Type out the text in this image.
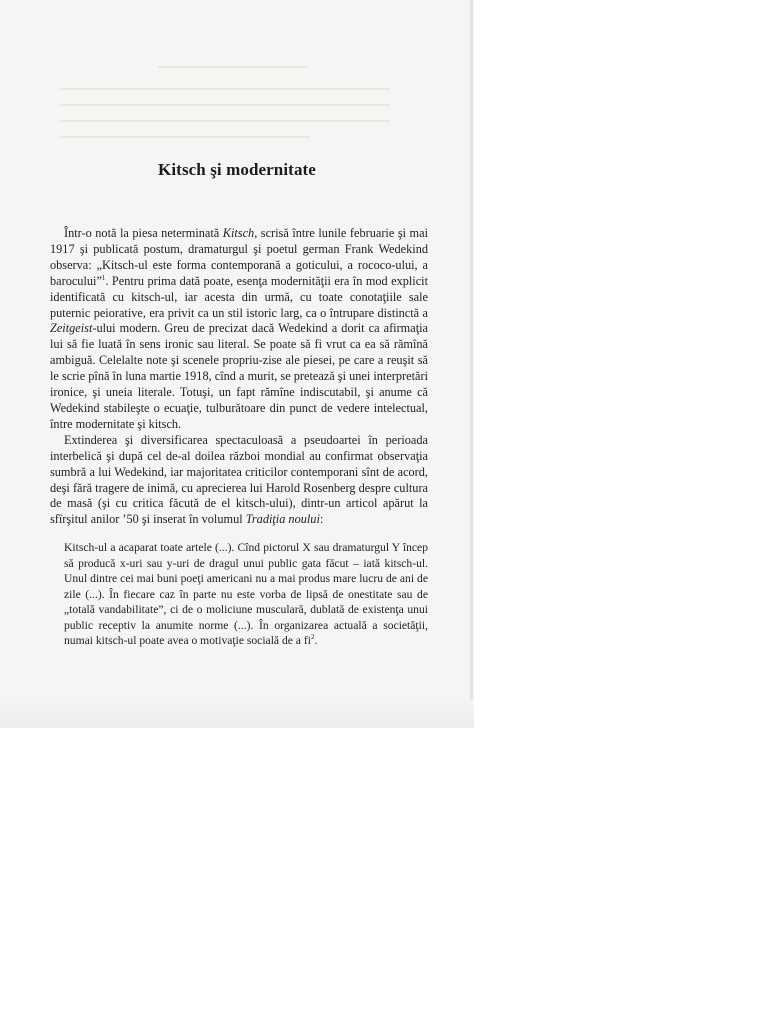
Kitsch şi modernitate

Într-o notă la piesa neterminată Kitsch, scrisă între lunile februarie şi mai 1917 şi publicată postum, dramaturgul şi poetul german Frank Wedekind observa: „Kitsch-ul este forma contemporană a goticului, a rococo-ului, a barocului”$^1$. Pentru prima dată poate, esenţa modernităţii era în mod explicit identificată cu kitsch-ul, iar acesta din urmă, cu toate conotaţiile sale puternic peiorative, era privit ca un stil istoric larg, ca o întrupare distinctă a Zeitgeist-ului modern. Greu de precizat dacă Wedekind a dorit ca afirmaţia lui să fie luată în sens ironic sau literal. Se poate să fi vrut ca ea să rămînă ambiguă. Celelalte note şi scenele propriu-zise ale piesei, pe care a reuşit să le scrie pînă în luna martie 1918, cînd a murit, se pretează şi unei interpretări ironice, şi uneia literale. Totuşi, un fapt rămîne indiscutabil, şi anume că Wedekind stabileşte o ecuaţie, tulburătoare din punct de vedere intelectual, între modernitate şi kitsch.

Extinderea şi diversificarea spectaculoasă a pseudoartei în perioada interbelică şi după cel de-al doilea război mondial au confirmat observaţia sumbră a lui Wedekind, iar majoritatea criticilor contemporani sînt de acord, deşi fără tragere de inimă, cu aprecierea lui Harold Rosenberg despre cultura de masă (şi cu critica făcută de el kitsch-ului), dintr-un articol apărut la sfîrşitul anilor ’50 şi inserat în volumul Tradiţia noului:

Kitsch-ul a acaparat toate artele (...). Cînd pictorul X sau dramaturgul Y încep să producă x-uri sau y-uri de dragul unui public gata făcut – iată kitsch-ul. Unul dintre cei mai buni poeţi americani nu a mai produs mare lucru de ani de zile (...). În fiecare caz în parte nu este vorba de lipsă de onestitate sau de „totală vandabilitate”, ci de o moliciune musculară, dublată de existenţa unui public receptiv la anumite norme (...). În organizarea actuală a societăţii, numai kitsch-ul poate avea o motivaţie socială de a $fi^2$.
